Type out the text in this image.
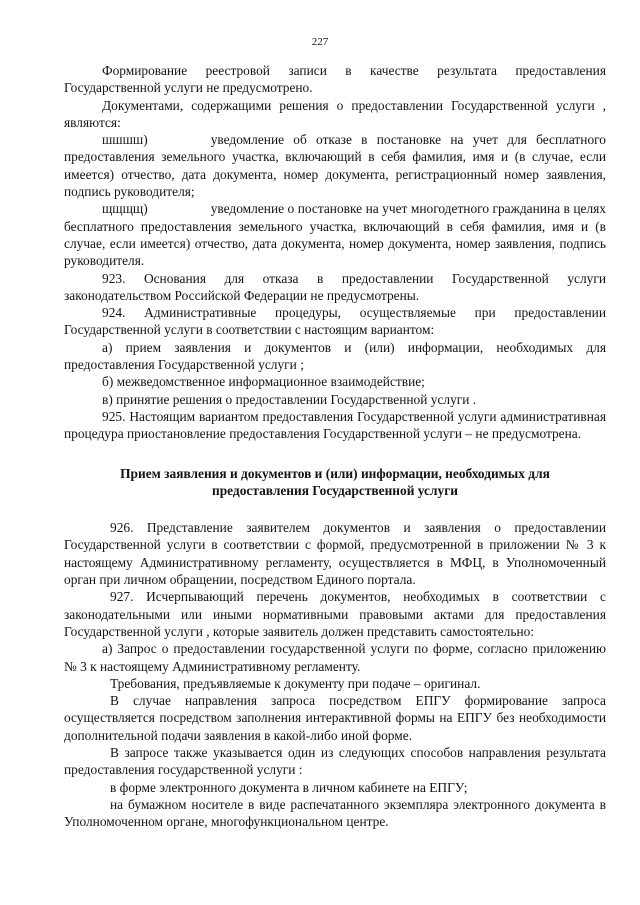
227

Формирование реестровой записи в качестве результата предоставления Государственной услуги не предусмотрено.

Документами, содержащими решения о предоставлении Государственной услуги , являются:

шшшш)	уведомление об отказе в постановке на учет для бесплатного предоставления земельного участка, включающий в себя фамилия, имя и (в случае, если имеется) отчество, дата документа, номер документа, регистрационный номер заявления, подпись руководителя;

щщщщ)	уведомление о постановке на учет многодетного гражданина в целях бесплатного предоставления земельного участка, включающий в себя фамилия, имя и (в случае, если имеется) отчество, дата документа, номер документа, номер заявления, подпись руководителя.

923. Основания для отказа в предоставлении Государственной услуги законодательством Российской Федерации не предусмотрены.

924. Административные процедуры, осуществляемые при предоставлении Государственной услуги в соответствии с настоящим вариантом:

а) прием заявления и документов и (или) информации, необходимых для предоставления Государственной услуги ;

б) межведомственное информационное взаимодействие;

в) принятие решения о предоставлении Государственной услуги .

925. Настоящим вариантом предоставления Государственной услуги административная процедура приостановление предоставления Государственной услуги – не предусмотрена.

Прием заявления и документов и (или) информации, необходимых для
предоставления Государственной услуги

926. Представление заявителем документов и заявления о предоставлении Государственной услуги в соответствии с формой, предусмотренной в приложении № 3 к настоящему Административному регламенту, осуществляется в МФЦ, в Уполномоченный орган при личном обращении, посредством Единого портала.

927. Исчерпывающий перечень документов, необходимых в соответствии с законодательными или иными нормативными правовыми актами для предоставления Государственной услуги , которые заявитель должен представить самостоятельно:

а) Запрос о предоставлении государственной услуги по форме, согласно приложению № 3 к настоящему Административному регламенту.

Требования, предъявляемые к документу при подаче – оригинал.

В случае направления запроса посредством ЕПГУ формирование запроса осуществляется посредством заполнения интерактивной формы на ЕПГУ без необходимости дополнительной подачи заявления в какой-либо иной форме.

В запросе также указывается один из следующих способов направления результата предоставления государственной услуги :

в форме электронного документа в личном кабинете на ЕПГУ;

на бумажном носителе в виде распечатанного экземпляра электронного документа в Уполномоченном органе, многофункциональном центре.
